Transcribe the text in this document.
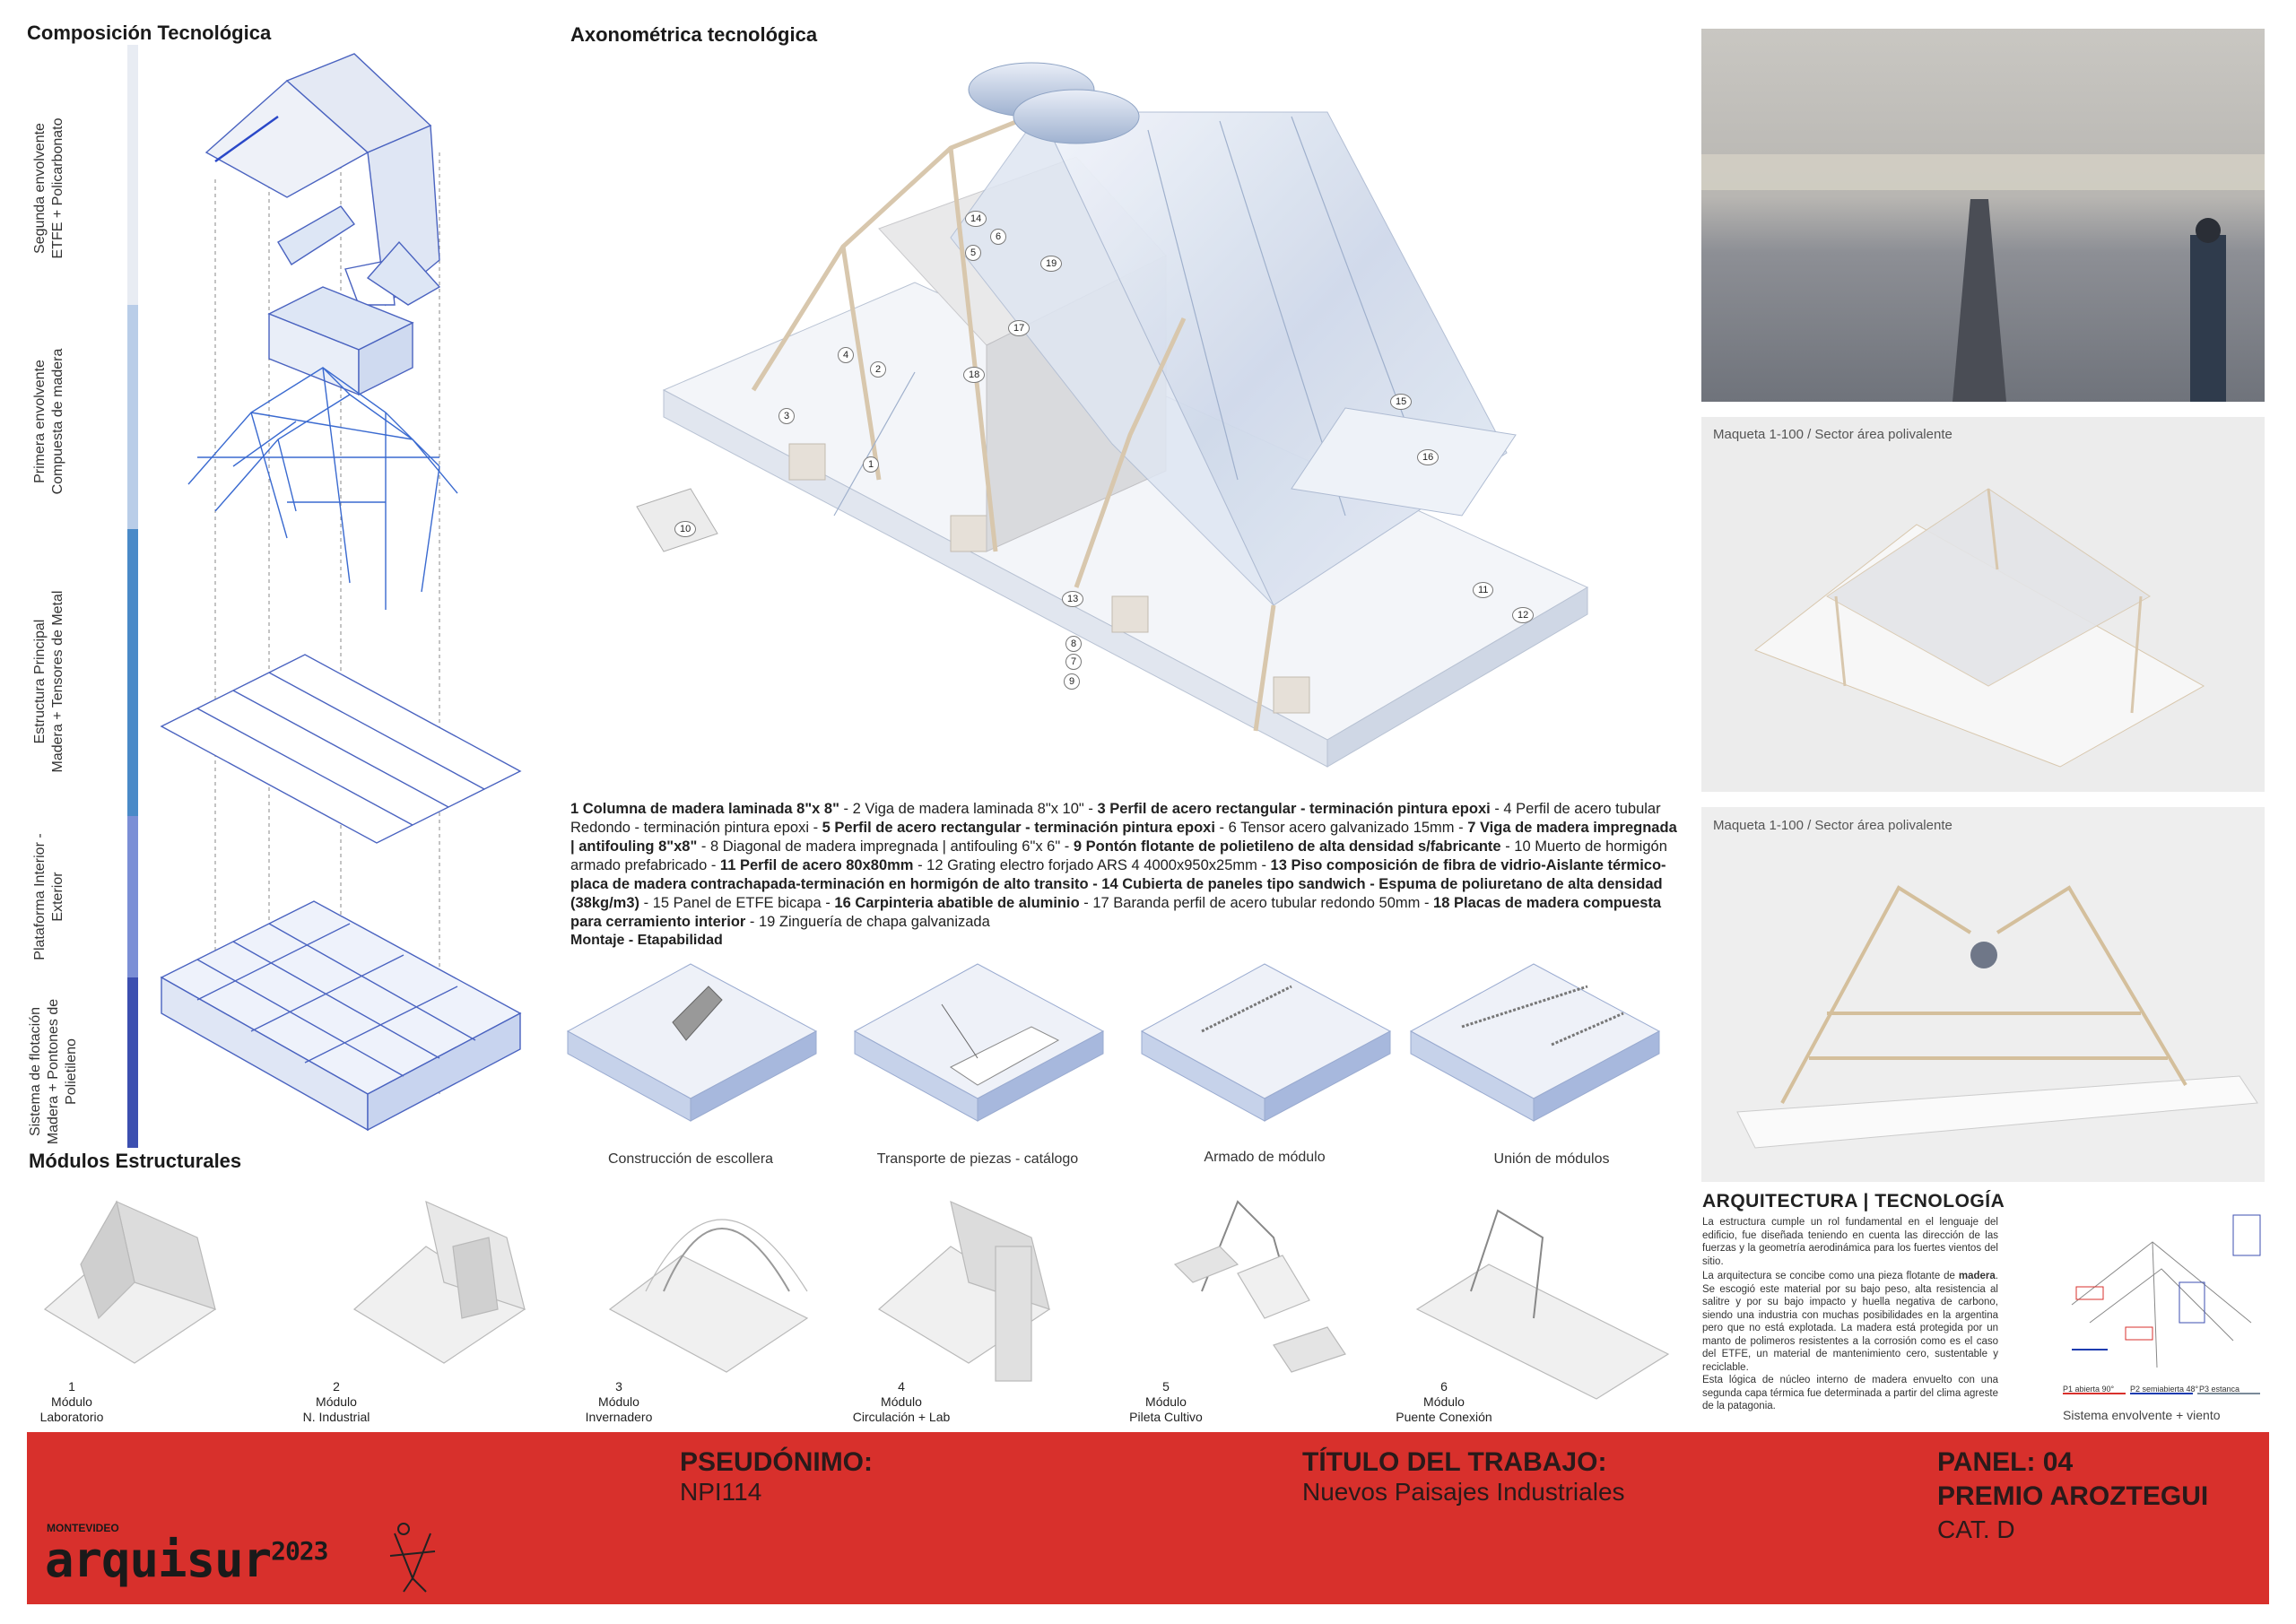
Composición Tecnológica
Segunda envolvente
ETFE + Policarbonato
Primera envolvente
Compuesta de madera
Estructura Principal
Madera + Tensores de Metal
Plataforma Interior -
Exterior
Sistema de flotación
Madera + Pontones de
Polietileno
Axonométrica tecnológica
14
6
5
19
4
2
17
18
3
1
10
15
16
13
8
7
9
11
12
1 Columna de madera laminada 8"x 8" - 2 Viga de madera laminada 8"x 10" - 3 Perfil de acero rectangular - terminación pintura epoxi - 4 Perfil de acero tubular Redondo - terminación pintura epoxi - 5 Perfil de acero rectangular - terminación pintura epoxi - 6 Tensor acero galvanizado 15mm - 7 Viga de madera impregnada | antifouling 8"x8" - 8 Diagonal de madera impregnada | antifouling 6"x 6" - 9 Pontón flotante de polietileno de alta densidad s/fabricante - 10 Muerto de hormigón armado prefabricado - 11 Perfil de acero 80x80mm - 12 Grating electro forjado ARS 4 4000x950x25mm - 13 Piso composición de fibra de vidrio-Aislante térmico-placa de madera contrachapada-terminación en hormigón de alto transito - 14 Cubierta de paneles tipo sandwich - Espuma de poliuretano de alta densidad (38kg/m3) - 15 Panel de ETFE bicapa - 16 Carpinteria abatible de aluminio - 17 Baranda perfil de acero tubular redondo 50mm - 18 Placas de madera compuesta para cerramiento interior - 19 Zinguería de chapa galvanizada
Montaje - Etapabilidad
Construcción de escollera	Transporte de piezas - catálogo	Armado de módulo	Unión de módulos
Módulos Estructurales
1
Módulo
Laboratorio
2
Módulo
N. Industrial
3
Módulo
Invernadero
4
Módulo
Circulación + Lab
5
Módulo
Pileta Cultivo
6
Módulo
Puente Conexión
Maqueta 1-100 / Sector área polivalente
Maqueta 1-100 / Sector área polivalente
ARQUITECTURA | TECNOLOGÍA
La estructura cumple un rol fundamental en el lenguaje del edificio, fue diseñada teniendo en cuenta las dirección de las fuerzas y la geometría aerodinámica para los fuertes vientos del sitio.
La arquitectura se concibe como una pieza flotante de madera. Se escogió este material por su bajo peso, alta resistencia al salitre y por su bajo impacto y huella negativa de carbono, siendo una industria con muchas posibilidades en la argentina pero que no está explotada. La madera está protegida por un manto de polimeros resistentes a la corrosión como es el caso del ETFE, un material de mantenimiento cero, sustentable y reciclable.
Esta lógica de núcleo interno de madera envuelto con una segunda capa térmica fue determinada a partir del clima agreste de la patagonia.
P1 abierta 90° P2 semiabierta 48° P3 estanca
Sistema envolvente + viento
PSEUDÓNIMO:
NPI114
TÍTULO DEL TRABAJO:
Nuevos Paisajes Industriales
PANEL: 04
PREMIO AROZTEGUI
CAT. D
MONTEVIDEO
arquisur$^{2023}$
